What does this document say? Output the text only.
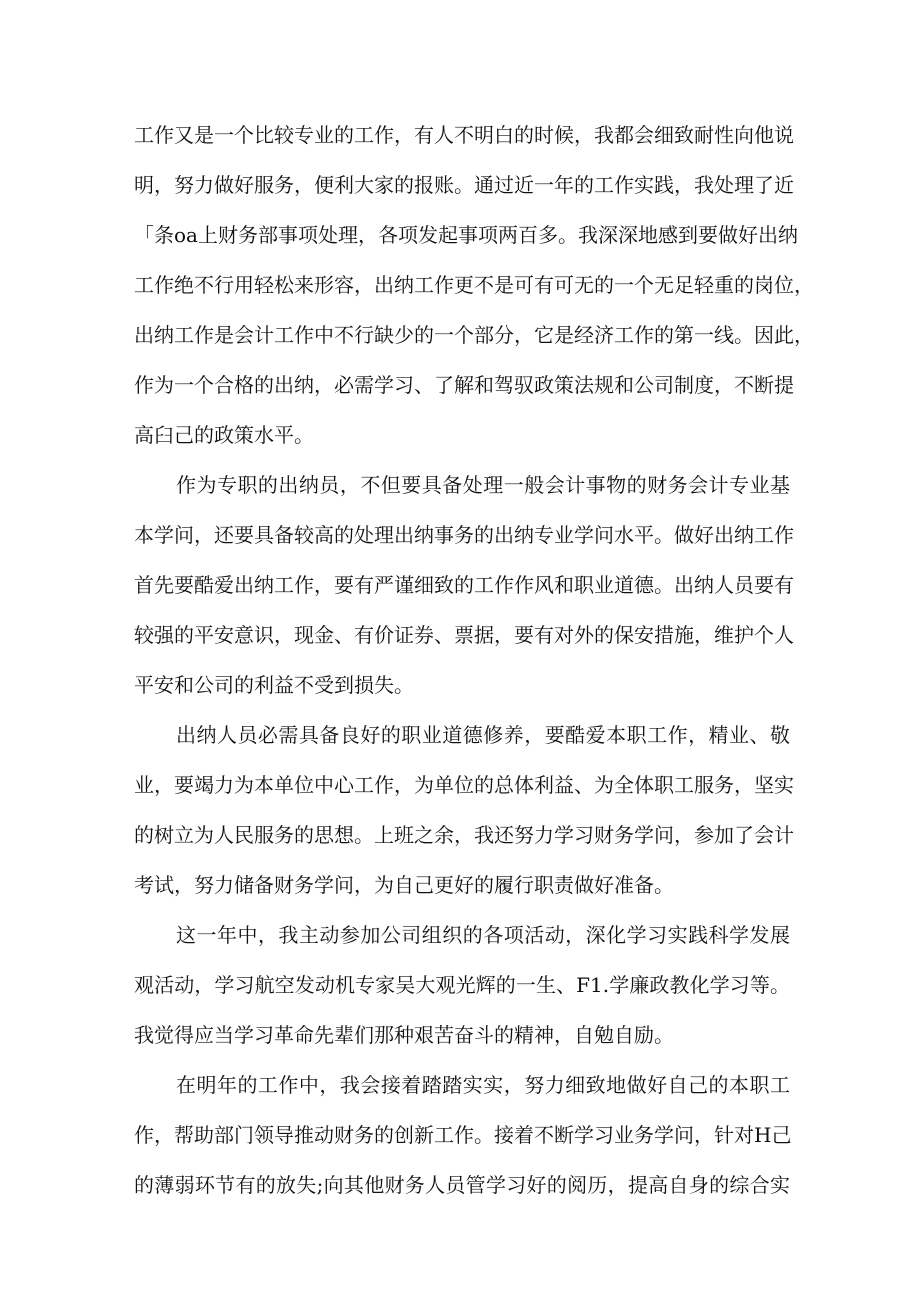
工作又是一个比较专业的工作，有人不明白的时候，我都会细致耐性向他说
明，努力做好服务，便利大家的报账。通过近一年的工作实践，我处理了近
「条oa上财务部事项处理，各项发起事项两百多。我深深地感到要做好出纳
工作绝不行用轻松来形容，出纳工作更不是可有可无的一个无足轻重的岗位，
出纳工作是会计工作中不行缺少的一个部分，它是经济工作的第一线。因此，
作为一个合格的出纳，必需学习、了解和驾驭政策法规和公司制度，不断提
高臼己的政策水平。
作为专职的出纳员，不但要具备处理一般会计事物的财务会计专业基
本学问，还要具备较高的处理出纳事务的出纳专业学问水平。做好出纳工作
首先要酷爱出纳工作，要有严谨细致的工作作风和职业道德。出纳人员要有
较强的平安意识，现金、有价证券、票据，要有对外的保安措施，维护个人
平安和公司的利益不受到损失。
出纳人员必需具备良好的职业道德修养，要酷爱本职工作，精业、敬
业，要竭力为本单位中心工作，为单位的总体利益、为全体职工服务，坚实
的树立为人民服务的思想。上班之余，我还努力学习财务学问，参加了会计
考试，努力储备财务学问，为自己更好的履行职责做好准备。
这一年中，我主动参加公司组织的各项活动，深化学习实践科学发展
观活动，学习航空发动机专家吴大观光辉的一生、F1.学廉政教化学习等。
我觉得应当学习革命先辈们那种艰苦奋斗的精神，自勉自励。
在明年的工作中，我会接着踏踏实实，努力细致地做好自己的本职工
作，帮助部门领导推动财务的创新工作。接着不断学习业务学问，针对H己
的薄弱环节有的放失;向其他财务人员管学习好的阅历，提高自身的综合实
